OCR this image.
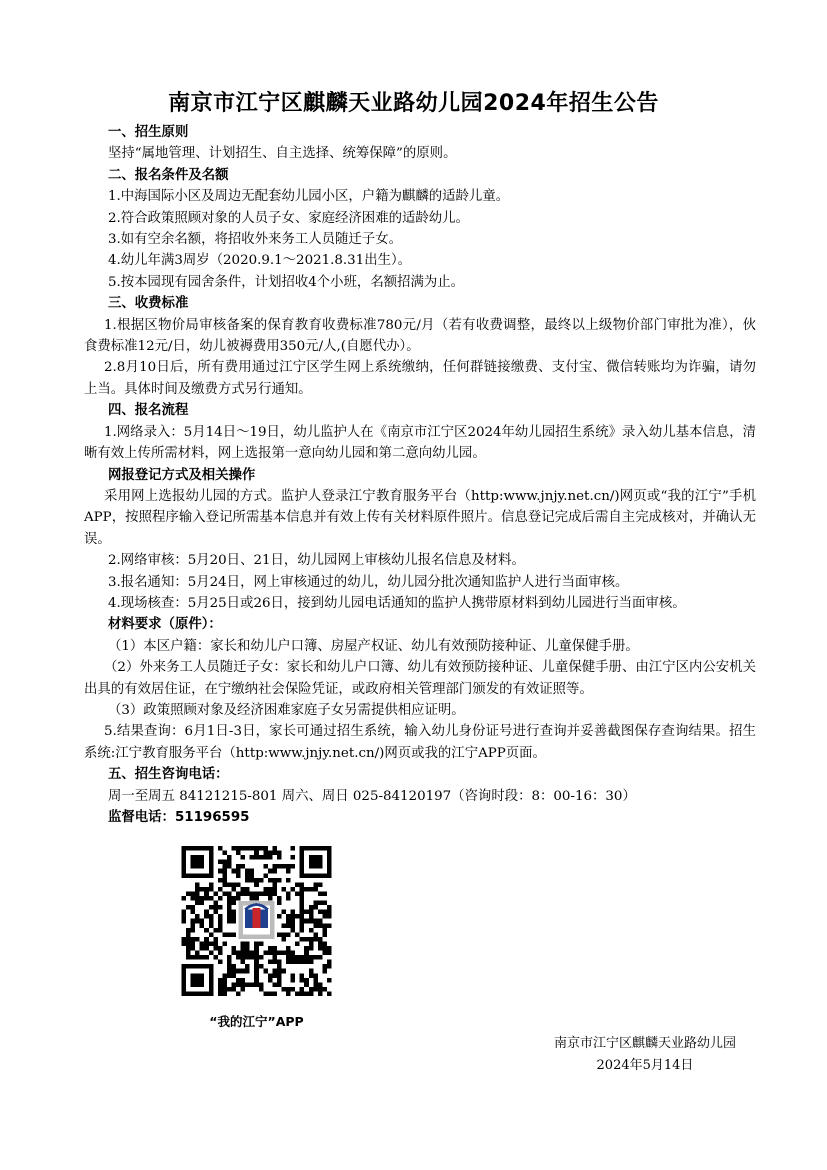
南京市江宁区麒麟天业路幼儿园2024年招生公告

一、招生原则

坚持“属地管理、计划招生、自主选择、统筹保障”的原则。

二、报名条件及名额

1.中海国际小区及周边无配套幼儿园小区，户籍为麒麟的适龄儿童。

2.符合政策照顾对象的人员子女、家庭经济困难的适龄幼儿。

3.如有空余名额，将招收外来务工人员随迁子女。

4.幼儿年满3周岁（2020.9.1～2021.8.31出生）。

5.按本园现有园舍条件，计划招收4个小班，名额招满为止。

三、收费标准

1.根据区物价局审核备案的保育教育收费标准780元/月（若有收费调整，最终以上级物价部门审批为准），伙食费标准12元/日，幼儿被褥费用350元/人,(自愿代办）。

2.8月10日后，所有费用通过江宁区学生网上系统缴纳，任何群链接缴费、支付宝、微信转账均为诈骗，请勿上当。具体时间及缴费方式另行通知。

四、报名流程

1.网络录入：5月14日～19日，幼儿监护人在《南京市江宁区2024年幼儿园招生系统》录入幼儿基本信息，清晰有效上传所需材料，网上选报第一意向幼儿园和第二意向幼儿园。

网报登记方式及相关操作

采用网上选报幼儿园的方式。监护人登录江宁教育服务平台（http:www.jnjy.net.cn/)网页或“我的江宁”手机APP，按照程序输入登记所需基本信息并有效上传有关材料原件照片。信息登记完成后需自主完成核对，并确认无误。

2.网络审核：5月20日、21日，幼儿园网上审核幼儿报名信息及材料。

3.报名通知：5月24日，网上审核通过的幼儿，幼儿园分批次通知监护人进行当面审核。

4.现场核查：5月25日或26日，接到幼儿园电话通知的监护人携带原材料到幼儿园进行当面审核。

材料要求（原件）：

（1）本区户籍：家长和幼儿户口簿、房屋产权证、幼儿有效预防接种证、儿童保健手册。

（2）外来务工人员随迁子女：家长和幼儿户口簿、幼儿有效预防接种证、儿童保健手册、由江宁区内公安机关出具的有效居住证，在宁缴纳社会保险凭证，或政府相关管理部门颁发的有效证照等。

（3）政策照顾对象及经济困难家庭子女另需提供相应证明。

5.结果查询：6月1日-3日，家长可通过招生系统，输入幼儿身份证号进行查询并妥善截图保存查询结果。招生系统:江宁教育服务平台（http:www.jnjy.net.cn/)网页或我的江宁APP页面。

五、招生咨询电话：

周一至周五 84121215-801 周六、周日 025-84120197（咨询时段：8：00-16：30）

监督电话：51196595

“我的江宁”APP
南京市江宁区麒麟天业路幼儿园
2024年5月14日
